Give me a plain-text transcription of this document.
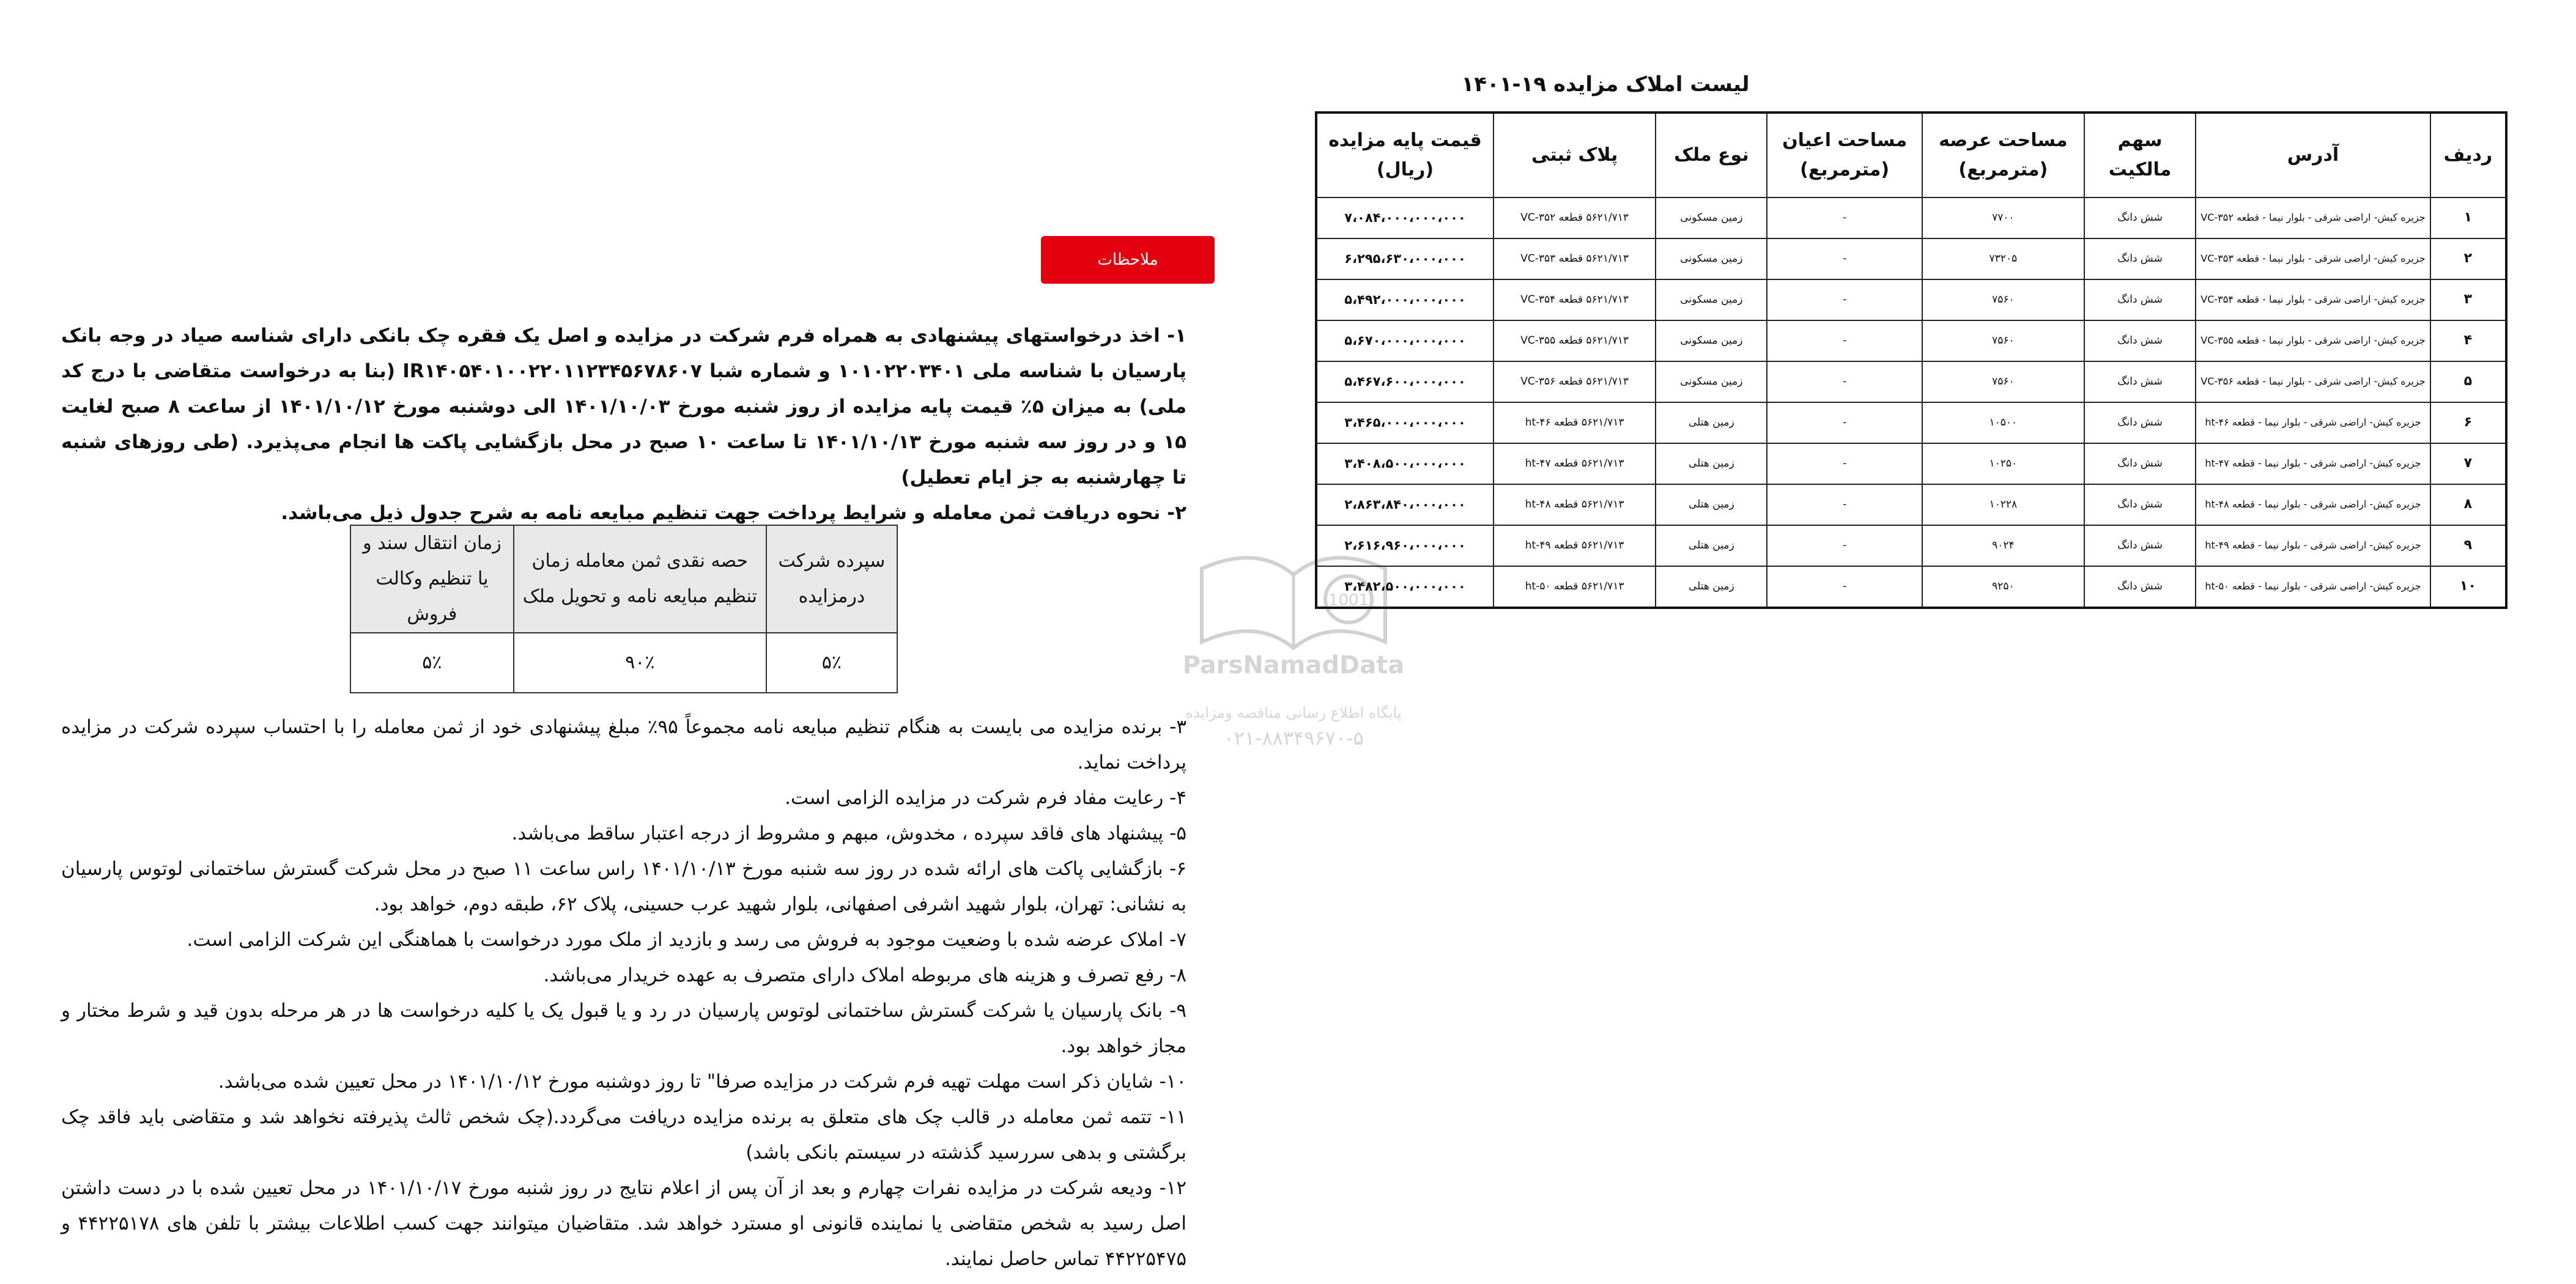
لیست املاک مزایده ۱۹-۱۴۰۱
ردیف	آدرس	سهم مالکیت	مساحت عرصه (مترمربع)	مساحت اعیان (مترمربع)	نوع ملک	پلاک ثبتی	قیمت پایه مزایده (ریال)
۱	جزیره کیش- اراضی شرقی - بلوار نیما - قطعه VC-۳۵۲	شش دانگ	۷۷۰۰	-	زمین مسکونی	۵۶۲۱/۷۱۳ قطعه VC-۳۵۲	۷،۰۸۴،۰۰۰،۰۰۰،۰۰۰
۲	جزیره کیش- اراضی شرقی - بلوار نیما - قطعه VC-۳۵۳	شش دانگ	۷۳۲۰۵	-	زمین مسکونی	۵۶۲۱/۷۱۳ قطعه VC-۳۵۳	۶،۲۹۵،۶۳۰،۰۰۰،۰۰۰
۳	جزیره کیش- اراضی شرقی - بلوار نیما - قطعه VC-۳۵۴	شش دانگ	۷۵۶۰	-	زمین مسکونی	۵۶۲۱/۷۱۳ قطعه VC-۳۵۴	۵،۴۹۲،۰۰۰،۰۰۰،۰۰۰
۴	جزیره کیش- اراضی شرقی - بلوار نیما - قطعه VC-۳۵۵	شش دانگ	۷۵۶۰	-	زمین مسکونی	۵۶۲۱/۷۱۳ قطعه VC-۳۵۵	۵،۶۷۰،۰۰۰،۰۰۰،۰۰۰
۵	جزیره کیش- اراضی شرقی - بلوار نیما - قطعه VC-۳۵۶	شش دانگ	۷۵۶۰	-	زمین مسکونی	۵۶۲۱/۷۱۳ قطعه VC-۳۵۶	۵،۴۶۷،۶۰۰،۰۰۰،۰۰۰
۶	جزیره کیش- اراضی شرقی - بلوار نیما - قطعه ht-۴۶	شش دانگ	۱۰۵۰۰	-	زمین هتلی	۵۶۲۱/۷۱۳ قطعه ht-۴۶	۳،۴۶۵،۰۰۰،۰۰۰،۰۰۰
۷	جزیره کیش- اراضی شرقی - بلوار نیما - قطعه ht-۴۷	شش دانگ	۱۰۲۵۰	-	زمین هتلی	۵۶۲۱/۷۱۳ قطعه ht-۴۷	۳،۴۰۸،۵۰۰،۰۰۰،۰۰۰
۸	جزیره کیش- اراضی شرقی - بلوار نیما - قطعه ht-۴۸	شش دانگ	۱۰۲۲۸	-	زمین هتلی	۵۶۲۱/۷۱۳ قطعه ht-۴۸	۲،۸۶۳،۸۴۰،۰۰۰،۰۰۰
۹	جزیره کیش- اراضی شرقی - بلوار نیما - قطعه ht-۴۹	شش دانگ	۹۰۲۴	-	زمین هتلی	۵۶۲۱/۷۱۳ قطعه ht-۴۹	۲،۶۱۶،۹۶۰،۰۰۰،۰۰۰
۱۰	جزیره کیش- اراضی شرقی - بلوار نیما - قطعه ht-۵۰	شش دانگ	۹۲۵۰	-	زمین هتلی	۵۶۲۱/۷۱۳ قطعه ht-۵۰	۳،۴۸۲،۵۰۰،۰۰۰،۰۰۰
ملاحظات

۱- اخذ درخواستهای پیشنهادی به همراه فرم شرکت در مزایده و اصل یک فقره چک بانکی دارای شناسه صیاد در وجه بانک پارسیان با شناسه ملی ۱۰۱۰۲۲۰۳۴۰۱ و شماره شبا IR۱۴۰۵۴۰۱۰۰۲۲۰۱۱۲۳۴۵۶۷۸۶۰۷ (بنا به درخواست متقاضی با درج کد ملی) به میزان ۵٪ قیمت پایه مزایده از روز شنبه مورخ ۱۴۰۱/۱۰/۰۳ الی دوشنبه مورخ ۱۴۰۱/۱۰/۱۲ از ساعت ۸ صبح لغایت ۱۵ و در روز سه شنبه مورخ ۱۴۰۱/۱۰/۱۳ تا ساعت ۱۰ صبح در محل بازگشایی پاکت ها انجام می‌پذیرد. (طی روزهای شنبه تا چهارشنبه به جز ایام تعطیل)

۲- نحوه دریافت ثمن معامله و شرایط پرداخت جهت تنظیم مبایعه نامه به شرح جدول ذیل می‌باشد.

سپرده شرکت درمزایده	حصه نقدی ثمن معامله زمان تنظیم مبایعه نامه و تحویل ملک	زمان انتقال سند و یا تنظیم وکالت فروش
۵٪	۹۰٪	۵٪

۳- برنده مزایده می بایست به هنگام تنظیم مبایعه نامه مجموعاً ۹۵٪ مبلغ پیشنهادی خود از ثمن معامله را با احتساب سپرده شرکت در مزایده پرداخت نماید.

۴- رعایت مفاد فرم شرکت در مزایده الزامی است.

۵- پیشنهاد های فاقد سپرده ، مخدوش، مبهم و مشروط از درجه اعتبار ساقط می‌باشد.

۶- بازگشایی پاکت های ارائه شده در روز سه شنبه مورخ ۱۴۰۱/۱۰/۱۳ راس ساعت ۱۱ صبح در محل شرکت گسترش ساختمانی لوتوس پارسیان به نشانی: تهران، بلوار شهید اشرفی اصفهانی، بلوار شهید عرب حسینی، پلاک ۶۲، طبقه دوم، خواهد بود.

۷- املاک عرضه شده با وضعیت موجود به فروش می رسد و بازدید از ملک مورد درخواست با هماهنگی این شرکت الزامی است.

۸- رفع تصرف و هزینه های مربوطه املاک دارای متصرف به عهده خریدار می‌باشد.

۹- بانک پارسیان یا شرکت گسترش ساختمانی لوتوس پارسیان در رد و یا قبول یک یا کلیه درخواست ها در هر مرحله بدون قید و شرط مختار و مجاز خواهد بود.

۱۰- شایان ذکر است مهلت تهیه فرم شرکت در مزایده صرفا" تا روز دوشنبه مورخ ۱۴۰۱/۱۰/۱۲ در محل تعیین شده می‌باشد.

۱۱- تتمه ثمن معامله در قالب چک های متعلق به برنده مزایده دریافت می‌گردد.(چک شخص ثالث پذیرفته نخواهد شد و متقاضی باید فاقد چک برگشتی و بدهی سررسید گذشته در سیستم بانکی باشد)

۱۲- ودیعه شرکت در مزایده نفرات چهارم و بعد از آن پس از اعلام نتایج در روز شنبه مورخ ۱۴۰۱/۱۰/۱۷ در محل تعیین شده با در دست داشتن اصل رسید به شخص متقاضی یا نماینده قانونی او مسترد خواهد شد. متقاضیان میتوانند جهت کسب اطلاعات بیشتر با تلفن های ۴۴۲۲۵۱۷۸ و ۴۴۲۲۵۴۷۵ تماس حاصل نمایند.

1001
ParsNamadData
پایگاه اطلاع رسانی مناقصه ومزایده
۰۲۱-۸۸۳۴۹۶۷۰-۵
